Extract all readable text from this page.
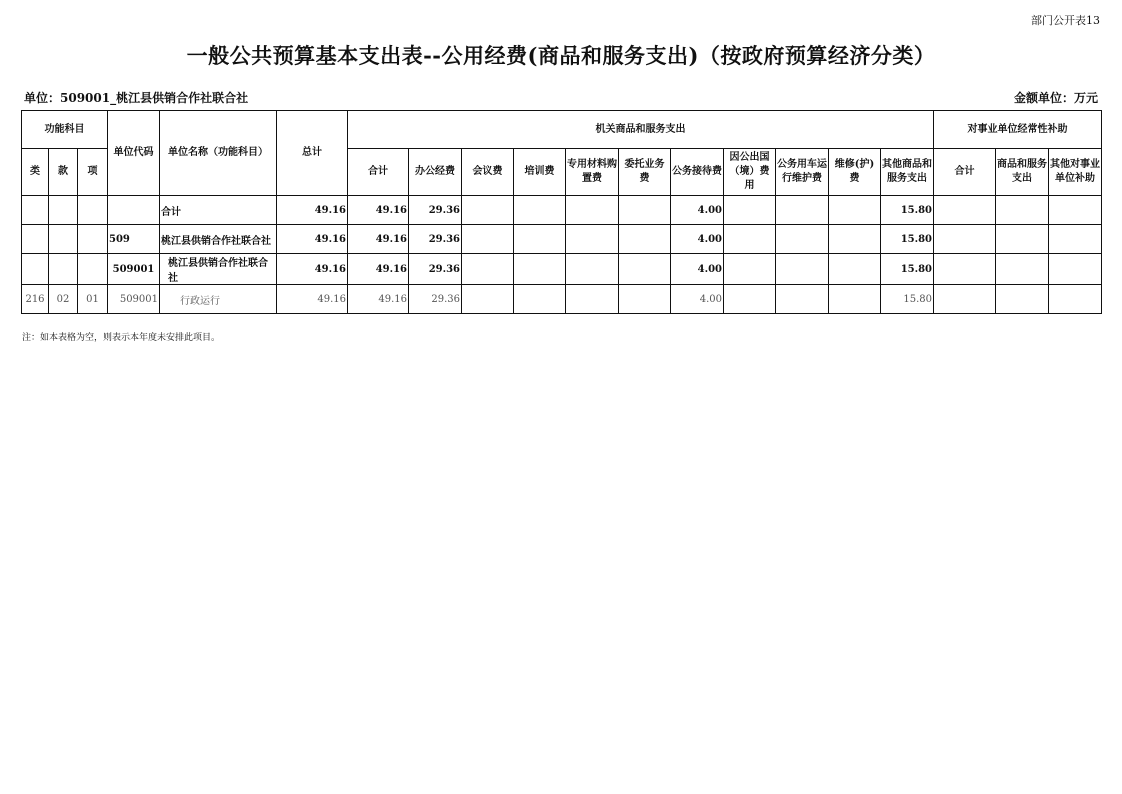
部门公开表13
一般公共预算基本支出表--公用经费(商品和服务支出)（按政府预算经济分类）
单位：509001_桃江县供销合作社联合社	金额单位：万元
功能科目			单位代码	单位名称（功能科目）	总计	机关商品和服务支出											对事业单位经常性补助		
类	款	项				合计	办公经费	会议费	培训费	专用材料购置费	委托业务费	公务接待费	因公出国（境）费用	公务用车运行维护费	维修(护)费	其他商品和服务支出	合计	商品和服务支出	其他对事业单位补助
				合计	49.16	49.16	29.36					4.00				15.80			
			509	桃江县供销合作社联合社	49.16	49.16	29.36					4.00				15.80			
			509001	桃江县供销合作社联合社	49.16	49.16	29.36					4.00				15.80			
216	02	01	509001	行政运行	49.16	49.16	29.36					4.00				15.80			
注：如本表格为空，则表示本年度未安排此项目。
